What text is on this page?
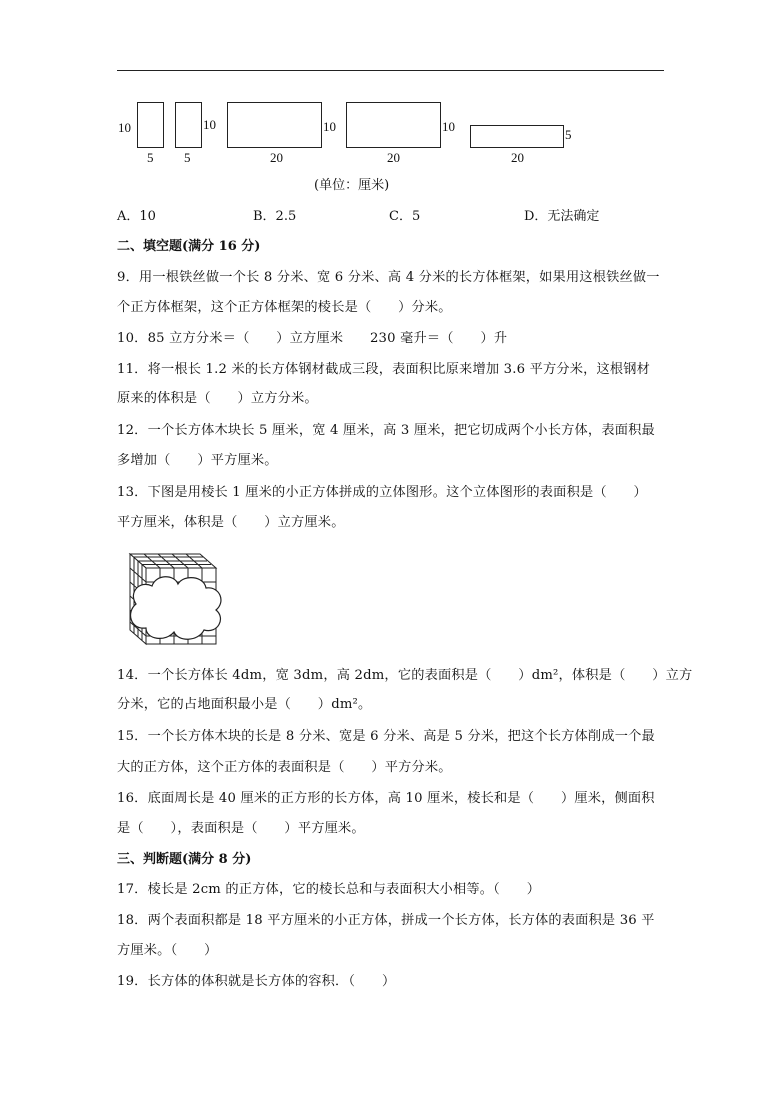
10
5 5
10
20
10
20
10
20
5
(单位：厘米)
A．10	B．2.5	C．5	D．无法确定
二、填空题(满分 16 分)
9．用一根铁丝做一个长 8 分米、宽 6 分米、高 4 分米的长方体框架，如果用这根铁丝做一
个正方体框架，这个正方体框架的棱长是（　　）分米。
10．85 立方分米＝（　　）立方厘米　　230 毫升＝（　　）升
11．将一根长 1.2 米的长方体钢材截成三段，表面积比原来增加 3.6 平方分米，这根钢材
原来的体积是（　　）立方分米。
12．一个长方体木块长 5 厘米，宽 4 厘米，高 3 厘米，把它切成两个小长方体，表面积最
多增加（　　）平方厘米。
13．下图是用棱长 1 厘米的小正方体拼成的立体图形。这个立体图形的表面积是（　　）
平方厘米，体积是（　　）立方厘米。
14．一个长方体长 4dm，宽 3dm，高 2dm，它的表面积是（　　）dm²，体积是（　　）立方
分米，它的占地面积最小是（　　）dm²。
15．一个长方体木块的长是 8 分米、宽是 6 分米、高是 5 分米，把这个长方体削成一个最
大的正方体，这个正方体的表面积是（　　）平方分米。
16．底面周长是 40 厘米的正方形的长方体，高 10 厘米，棱长和是（　　）厘米，侧面积
是（　　），表面积是（　　）平方厘米。
三、判断题(满分 8 分)
17．棱长是 2cm 的正方体，它的棱长总和与表面积大小相等。（　　）
18．两个表面积都是 18 平方厘米的小正方体，拼成一个长方体，长方体的表面积是 36 平
方厘米。（　　）
19．长方体的体积就是长方体的容积．（　　）
